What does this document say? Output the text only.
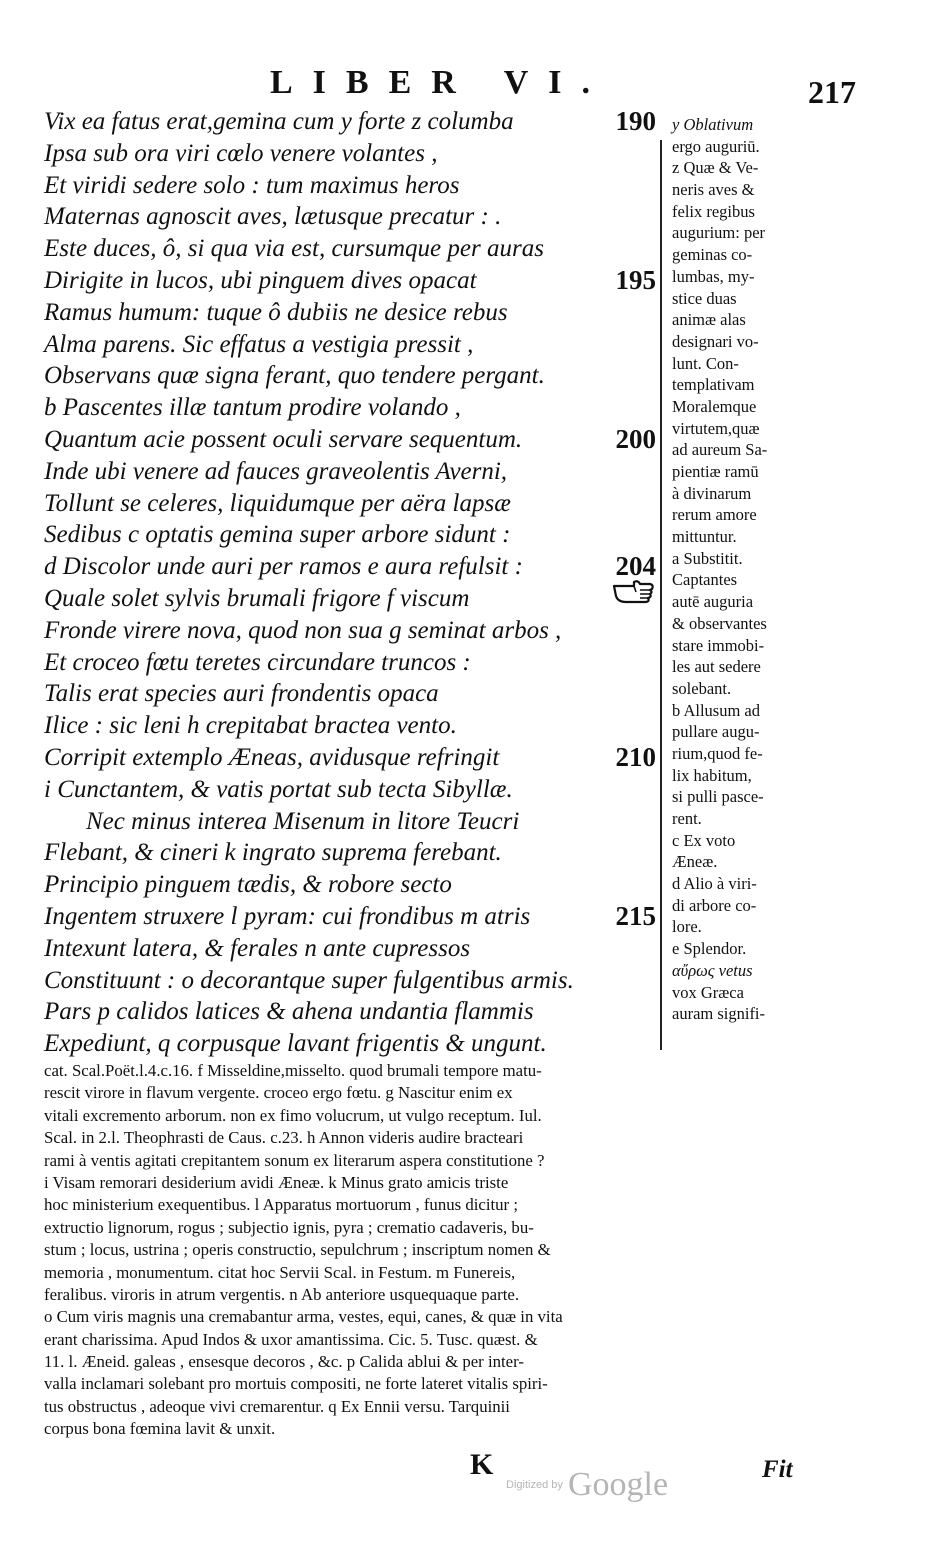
LIBER VI.	217
Vix ea fatus erat,gemina cum y forte z columba	190
Ipsa sub ora viri cœlo venere volantes ,
Et viridi sedere solo : tum maximus heros
Maternas agnoscit aves, lætusque precatur : .
Este duces, ô, si qua via est, cursumque per auras
Dirigite in lucos, ubi pinguem dives opacat	195
Ramus humum: tuque ô dubiis ne desice rebus
Alma parens. Sic effatus a vestigia pressit ,
Observans quæ signa ferant, quo tendere pergant.
b Pascentes illæ tantum prodire volando ,
Quantum acie possent oculi servare sequentum.	200
Inde ubi venere ad fauces graveolentis Averni,
Tollunt se celeres, liquidumque per aëra lapsæ
Sedibus c optatis gemina super arbore sidunt :
d Discolor unde auri per ramos e aura refulsit :	204
Quale solet sylvis brumali frigore f viscum
Fronde virere nova, quod non sua g seminat arbos ,
Et croceo fœtu teretes circundare truncos :
Talis erat species auri frondentis opaca
Ilice : sic leni h crepitabat bractea vento.
Corripit extemplo Æneas, avidusque refringit	210
i Cunctantem, & vatis portat sub tecta Sibyllæ.
Nec minus interea Misenum in litore Teucri
Flebant, & cineri k ingrato suprema ferebant.
Principio pinguem tædis, & robore secto
Ingentem struxere l pyram: cui frondibus m atris	215
Intexunt latera, & ferales n ante cupressos
Constituunt : o decorantque super fulgentibus armis.
Pars p calidos latices & ahena undantia flammis
Expediunt, q corpusque lavant frigentis & ungunt.
y Oblativum
ergo auguriū.
z Quæ & Ve-
neris aves &
felix regibus
augurium: per
geminas co-
lumbas, my-
stice duas
animæ alas
designari vo-
lunt. Con-
templativam
Moralemque
virtutem,quæ
ad aureum Sa-
pientiæ ramū
à divinarum
rerum amore
mittuntur.
a Substitit.
Captantes
autē auguria
& observantes
stare immobi-
les aut sedere
solebant.
b Allusum ad
pullare augu-
rium,quod fe-
lix habitum,
si pulli pasce-
rent.
c Ex voto
Æneæ.
d Alio à viri-
di arbore co-
lore.
e Splendor.
αὔρως vetus
vox Græca
auram signifi-
cat. Scal.Poët.l.4.c.16. f Misseldine,misselto. quod brumali tempore matu-
rescit virore in flavum vergente. croceo ergo fœtu. g Nascitur enim ex
vitali excremento arborum. non ex fimo volucrum, ut vulgo receptum. Iul.
Scal. in 2.l. Theophrasti de Caus. c.23. h Annon videris audire bracteari
rami à ventis agitati crepitantem sonum ex literarum aspera constitutione ?
i Visam remorari desiderium avidi Æneæ. k Minus grato amicis triste
hoc ministerium exequentibus. l Apparatus mortuorum , funus dicitur ;
extructio lignorum, rogus ; subjectio ignis, pyra ; crematio cadaveris, bu-
stum ; locus, ustrina ; operis constructio, sepulchrum ; inscriptum nomen &
memoria , monumentum. citat hoc Servii Scal. in Festum. m Funereis,
feralibus. viroris in atrum vergentis. n Ab anteriore usquequaque parte.
o Cum viris magnis una cremabantur arma, vestes, equi, canes, & quæ in vita
erant charissima. Apud Indos & uxor amantissima. Cic. 5. Tusc. quæst. &
11. l. Æneid. galeas , ensesque decoros , &c. p Calida ablui & per inter-
valla inclamari solebant pro mortuis compositi, ne forte lateret vitalis spiri-
tus obstructus , adeoque vivi cremarentur. q Ex Ennii versu. Tarquinii
corpus bona fœmina lavit & unxit.
K
Digitized by Google	Fit
